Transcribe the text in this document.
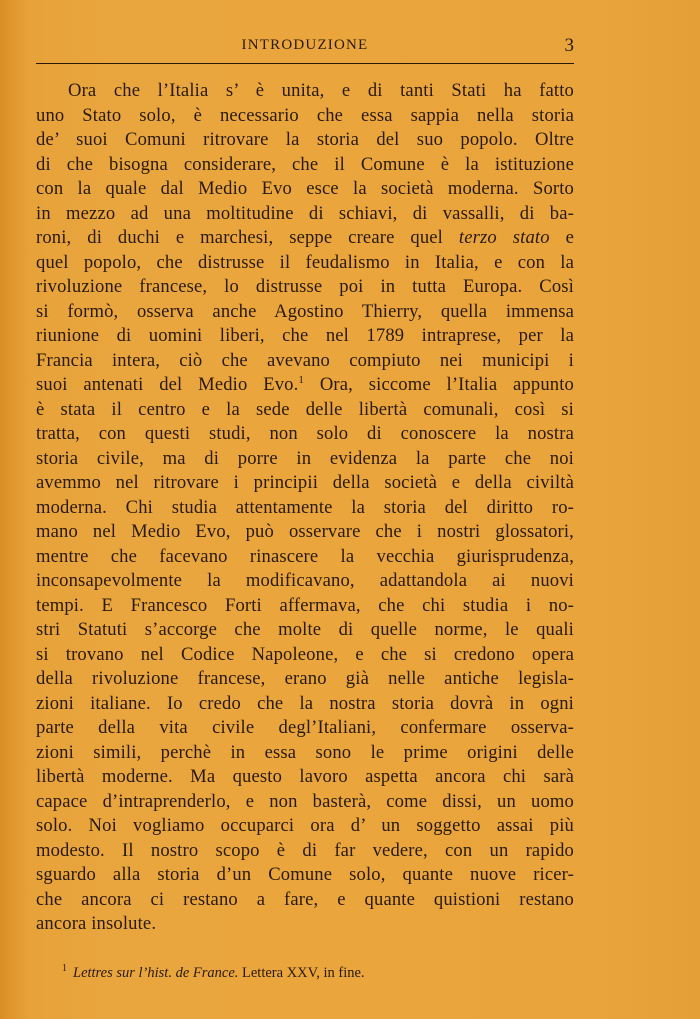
INTRODUZIONE	3
Ora che l’Italia s’ è unita, e di tanti Stati ha fatto
uno Stato solo, è necessario che essa sappia nella storia
de’ suoi Comuni ritrovare la storia del suo popolo. Oltre
di che bisogna considerare, che il Comune è la istituzione
con la quale dal Medio Evo esce la società moderna. Sorto
in mezzo ad una moltitudine di schiavi, di vassalli, di ba-
roni, di duchi e marchesi, seppe creare quel terzo stato e
quel popolo, che distrusse il feudalismo in Italia, e con la
rivoluzione francese, lo distrusse poi in tutta Europa. Così
si formò, osserva anche Agostino Thierry, quella immensa
riunione di uomini liberi, che nel 1789 intraprese, per la
Francia intera, ciò che avevano compiuto nei municipi i
suoi antenati del Medio Evo.$^1$ Ora, siccome l’Italia appunto
è stata il centro e la sede delle libertà comunali, così si
tratta, con questi studi, non solo di conoscere la nostra
storia civile, ma di porre in evidenza la parte che noi
avemmo nel ritrovare i principii della società e della civiltà
moderna. Chi studia attentamente la storia del diritto ro-
mano nel Medio Evo, può osservare che i nostri glossatori,
mentre che facevano rinascere la vecchia giurisprudenza,
inconsapevolmente la modificavano, adattandola ai nuovi
tempi. E Francesco Forti affermava, che chi studia i no-
stri Statuti s’accorge che molte di quelle norme, le quali
si trovano nel Codice Napoleone, e che si credono opera
della rivoluzione francese, erano già nelle antiche legisla-
zioni italiane. Io credo che la nostra storia dovrà in ogni
parte della vita civile degl’Italiani, confermare osserva-
zioni simili, perchè in essa sono le prime origini delle
libertà moderne. Ma questo lavoro aspetta ancora chi sarà
capace d’intraprenderlo, e non basterà, come dissi, un uomo
solo. Noi vogliamo occuparci ora d’ un soggetto assai più
modesto. Il nostro scopo è di far vedere, con un rapido
sguardo alla storia d’un Comune solo, quante nuove ricer-
che ancora ci restano a fare, e quante quistioni restano
ancora insolute.
$^1$ Lettres sur l’hist. de France. Lettera XXV, in fine.
